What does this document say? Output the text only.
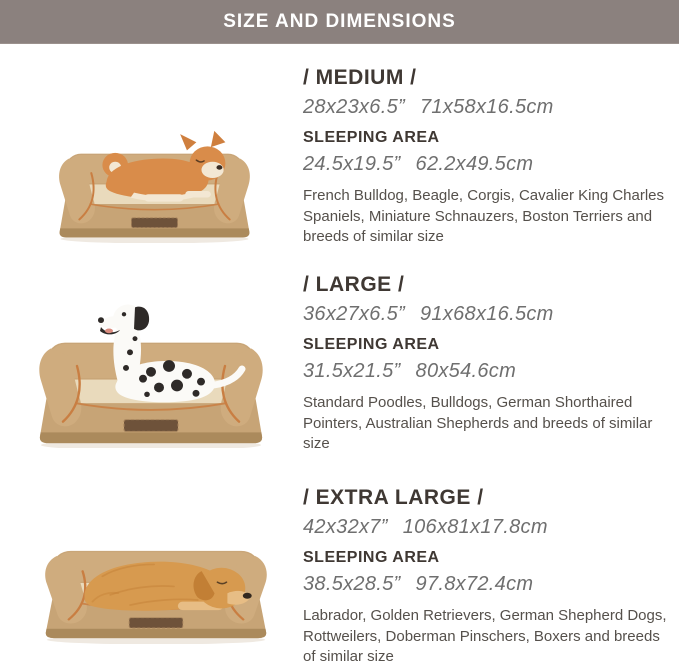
SIZE AND DIMENSIONS
/ MEDIUM /

28x23x6.5” 71x58x16.5cm

SLEEPING AREA

24.5x19.5” 62.2x49.5cm

French Bulldog, Beagle, Corgis, Cavalier King Charles Spaniels, Miniature Schnauzers, Boston Terriers and breeds of similar size

/ LARGE /

36x27x6.5” 91x68x16.5cm

SLEEPING AREA

31.5x21.5” 80x54.6cm

Standard Poodles, Bulldogs, German Shorthaired Pointers, Australian Shepherds and breeds of similar size

/ EXTRA LARGE /

42x32x7” 106x81x17.8cm

SLEEPING AREA

38.5x28.5” 97.8x72.4cm

Labrador, Golden Retrievers, German Shepherd Dogs, Rottweilers, Doberman Pinschers, Boxers and breeds of similar size
